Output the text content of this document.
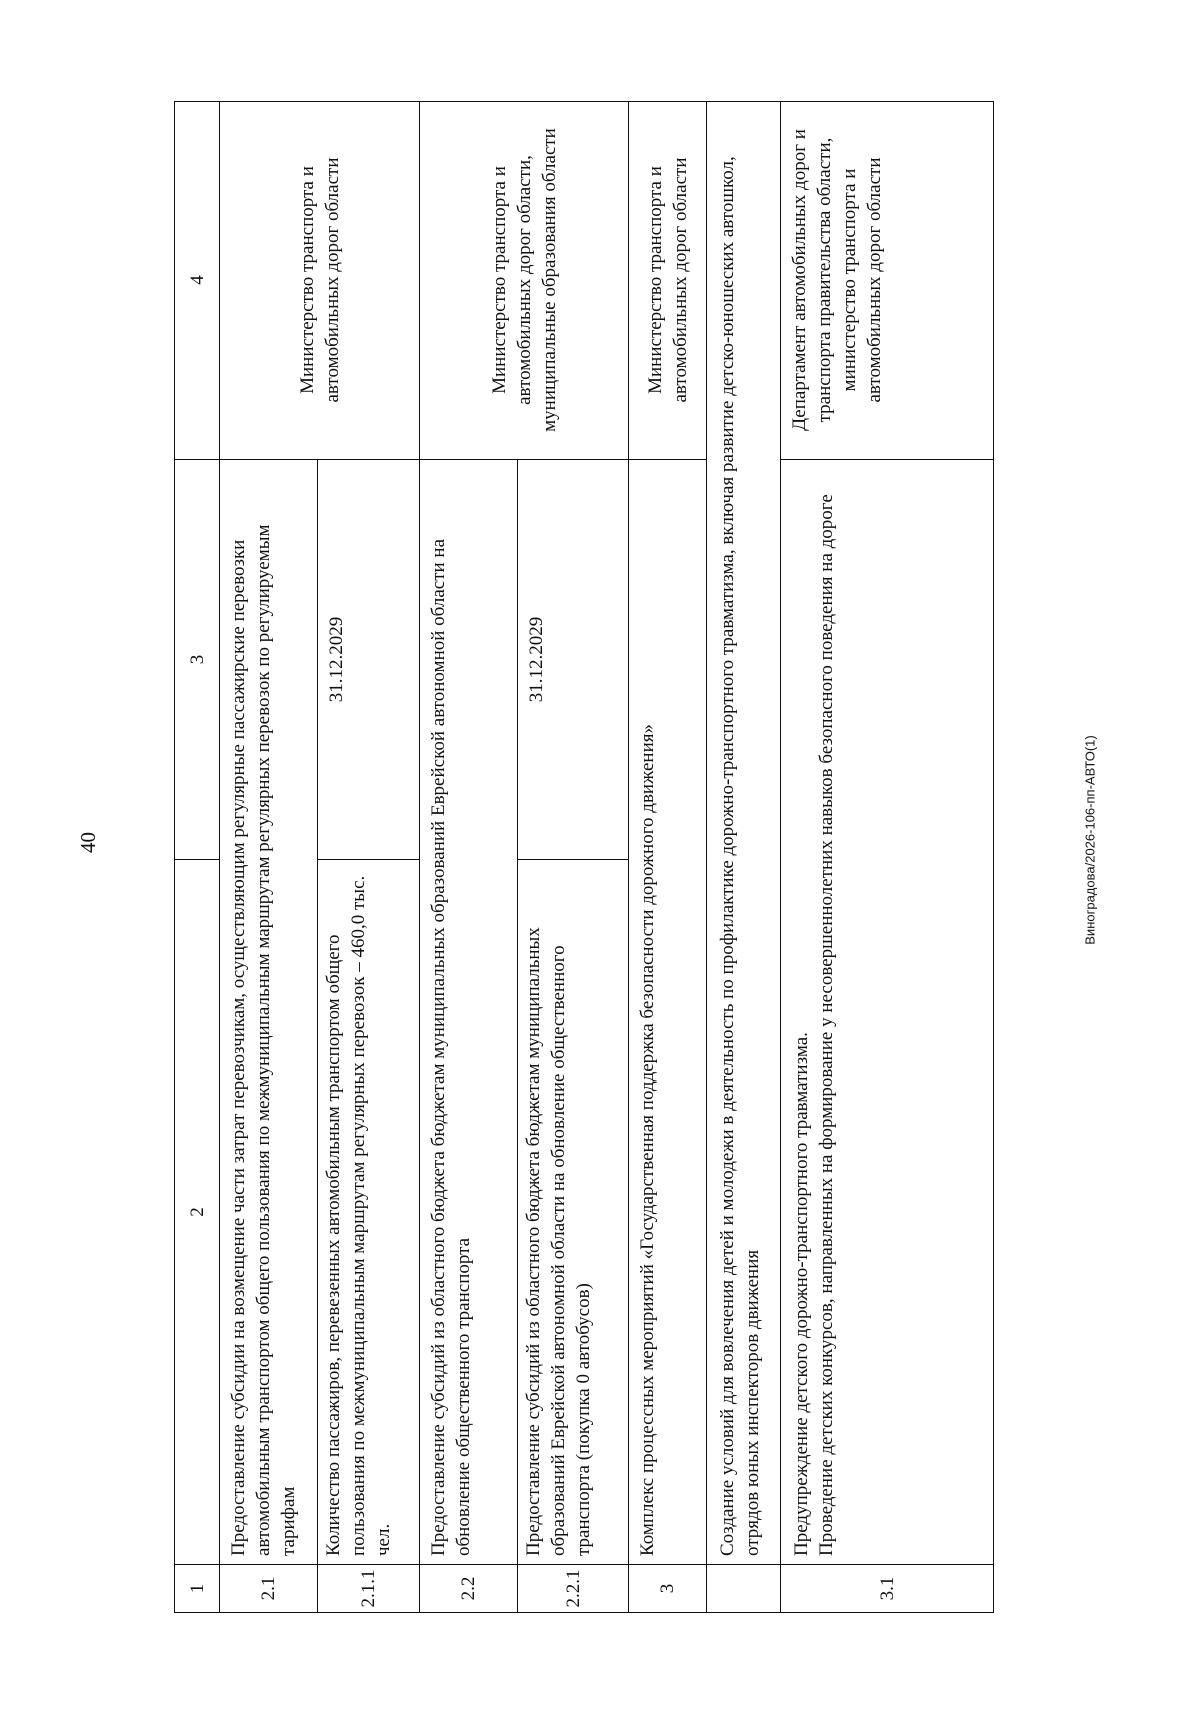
40
1
2
3
4
2.1
Предоставление субсидии на возмещение части затрат перевозчикам, осуществляющим регулярные пассажирские перевозки автомобильным транспортом общего пользования по межмуниципальным маршрутам регулярных перевозок по регулируемым тарифам
Министерство транспорта и автомобильных дорог области
2.1.1
Количество пассажиров, перевезенных автомобильным транспортом общего пользования по межмуниципальным маршрутам регулярных перевозок – 460,0 тыс. чел.
31.12.2029
2.2
Предоставление субсидий из областного бюджета бюджетам муниципальных образований Еврейской автономной области на обновление общественного транспорта
Министерство транспорта и автомобильных дорог области, муниципальные образования области
2.2.1
Предоставление субсидий из областного бюджета бюджетам муниципальных образований Еврейской автономной области на обновление общественного транспорта (покупка 0 автобусов)
31.12.2029
3
Комплекс процессных мероприятий «Государственная поддержка безопасности дорожного движения»
Министерство транспорта и автомобильных дорог области	Создание условий для вовлечения детей и молодежи в деятельность по профилактике дорожно-транспортного травматизма, включая развитие детско-юношеских автошкол, отрядов юных инспекторов движения
3.1
Предупреждение детского дорожно-транспортного травматизма. Проведение детских конкурсов, направленных на формирование у несовершеннолетних навыков безопасного поведения на дороге
Департамент автомобильных дорог и транспорта правительства области, министерство транспорта и автомобильных дорог области
Виноградова/2026-106-пп-АВТО(1)
